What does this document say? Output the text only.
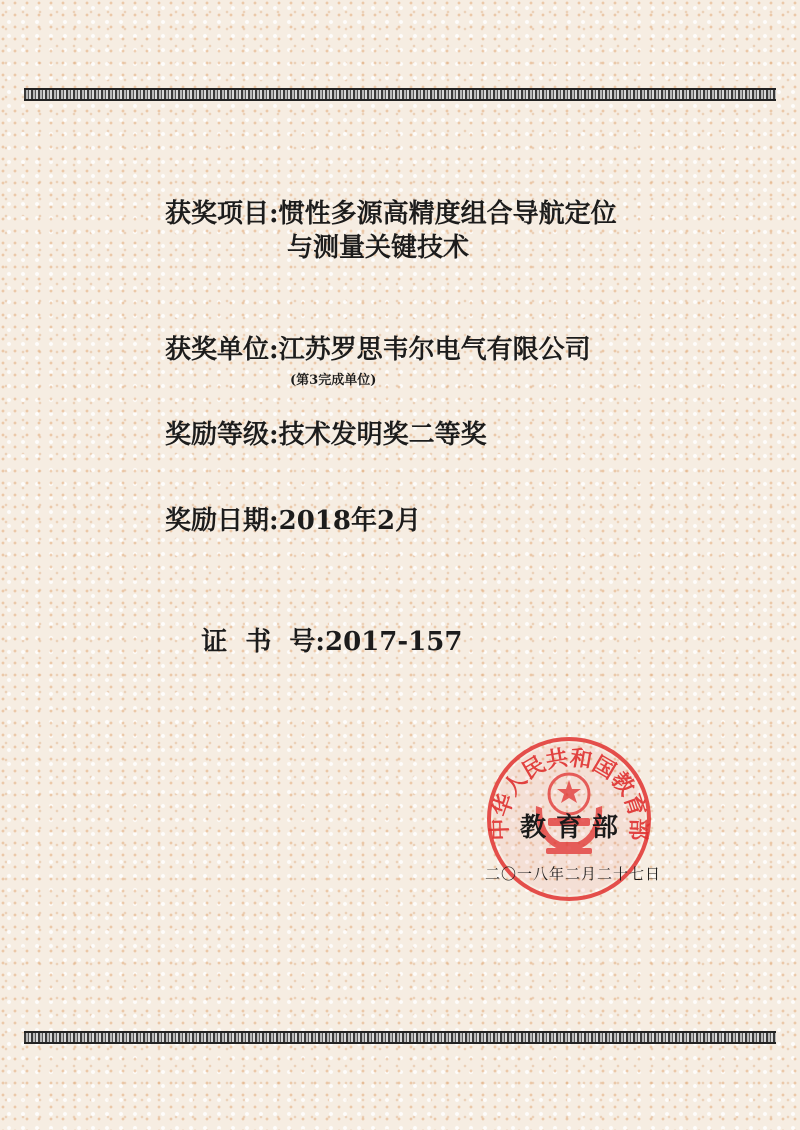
获奖项目:惯性多源高精度组合导航定位
与测量关键技术
获奖单位:江苏罗思韦尔电气有限公司
(第3完成单位)
奖励等级:技术发明奖二等奖
奖励日期:2018年2月

证  书  号:2017-157

中华人民共和国教育部
教育部
二〇一八年二月二十七日
